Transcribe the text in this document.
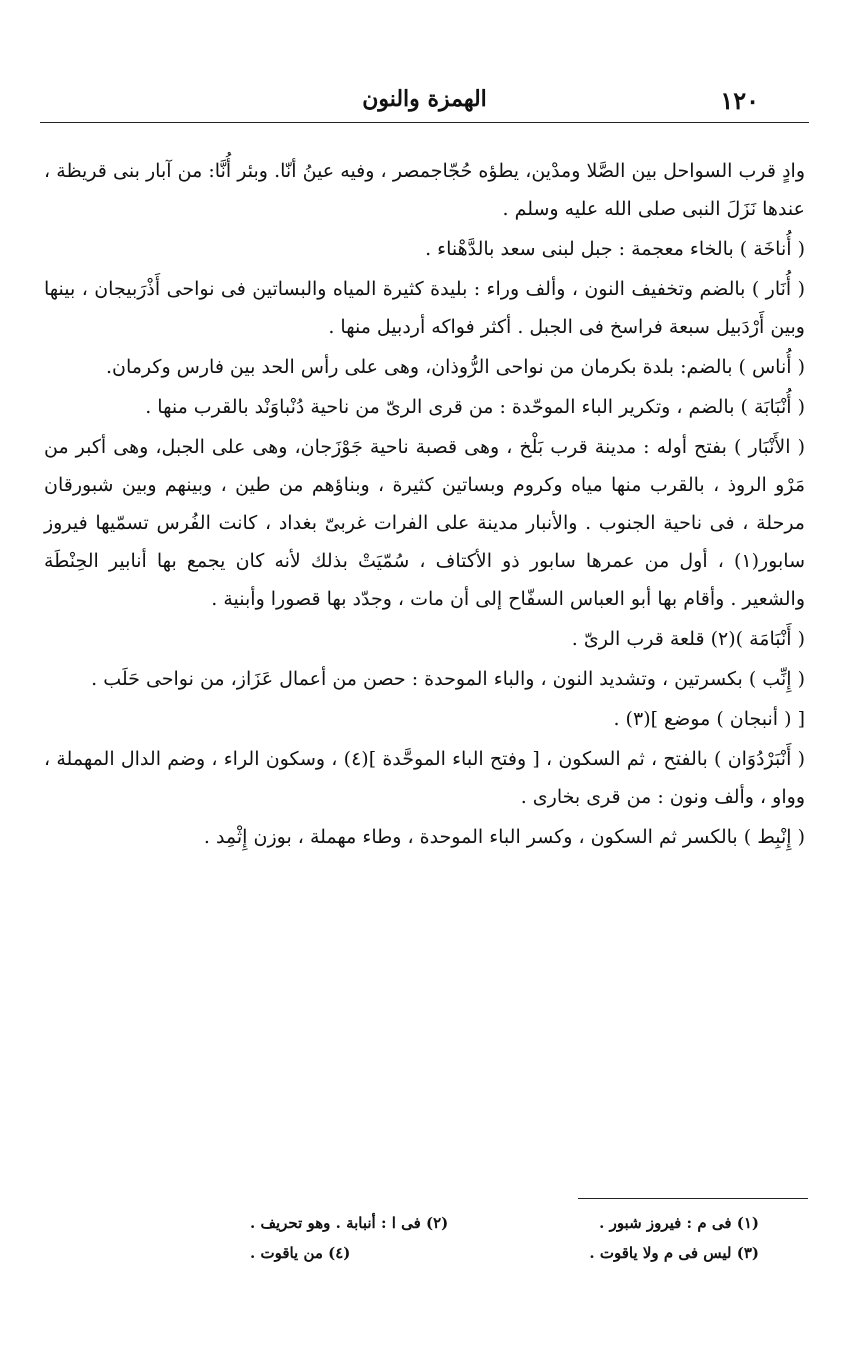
١٢٠
الهمزة والنون

وادٍ قرب السواحل بين الصَّلا ومدْين، يطؤه حُجّاجمصر ، وفيه عينُ أنّا. وبئر أُنَّا: من آبار بنى قريظة ، عندها نَزَلَ النبى صلى الله عليه وسلم .

( أُناخَة ) بالخاء معجمة : جبل لبنى سعد بالدَّهْناء .

( أُنَار ) بالضم وتخفيف النون ، وألف وراء : بليدة كثيرة المياه والبساتين فى نواحى أَذْرَبيجان ، بينها وبين أَرْدَبيل سبعة فراسخ فى الجبل . أكثر فواكه أردبيل منها .

( أُناس ) بالضم: بلدة بكرمان من نواحى الرُّوذان، وهى على رأس الحد بين فارس وكرمان.

( أُنْبَابَة ) بالضم ، وتكرير الباء الموحّدة : من قرى الرىّ من ناحية دُنْباوَنْد بالقرب منها .

( الأَنْبَار ) بفتح أوله : مدينة قرب بَلْخ ، وهى قصبة ناحية جَوْزَجان، وهى على الجبل، وهى أكبر من مَرْو الروذ ، بالقرب منها مياه وكروم وبساتين كثيرة ، وبناؤهم من طين ، وبينهم وبين شبورقان مرحلة ، فى ناحية الجنوب . والأنبار مدينة على الفرات غربىّ بغداد ، كانت الفُرس تسمّيها فيروز سابور(١) ، أول من عمرها سابور ذو الأكتاف ، سُمّيَتْ بذلك لأنه كان يجمع بها أنابير الحِنْطَة والشعير . وأقام بها أبو العباس السفّاح إلى أن مات ، وجدّد بها قصورا وأبنية .

( أَنْبَامَة )(٢) قلعة قرب الرىّ .

( إِنِّب ) بكسرتين ، وتشديد النون ، والباء الموحدة : حصن من أعمال عَزَاز، من نواحى حَلَب .

[ ( أنبجان ) موضع ](٣) .

( أَنْبَرْدُوَان ) بالفتح ، ثم السكون ، [ وفتح الباء الموحَّدة ](٤) ، وسكون الراء ، وضم الدال المهملة ، وواو ، وألف ونون : من قرى بخارى .

( إِنْبِط ) بالكسر ثم السكون ، وكسر الباء الموحدة ، وطاء مهملة ، بوزن إِثْمِد .

(١) فى م : فيروز شبور .
(٢) فى ا : أنبابة . وهو تحريف .
(٣) ليس فى م ولا ياقوت .
(٤) من ياقوت .
